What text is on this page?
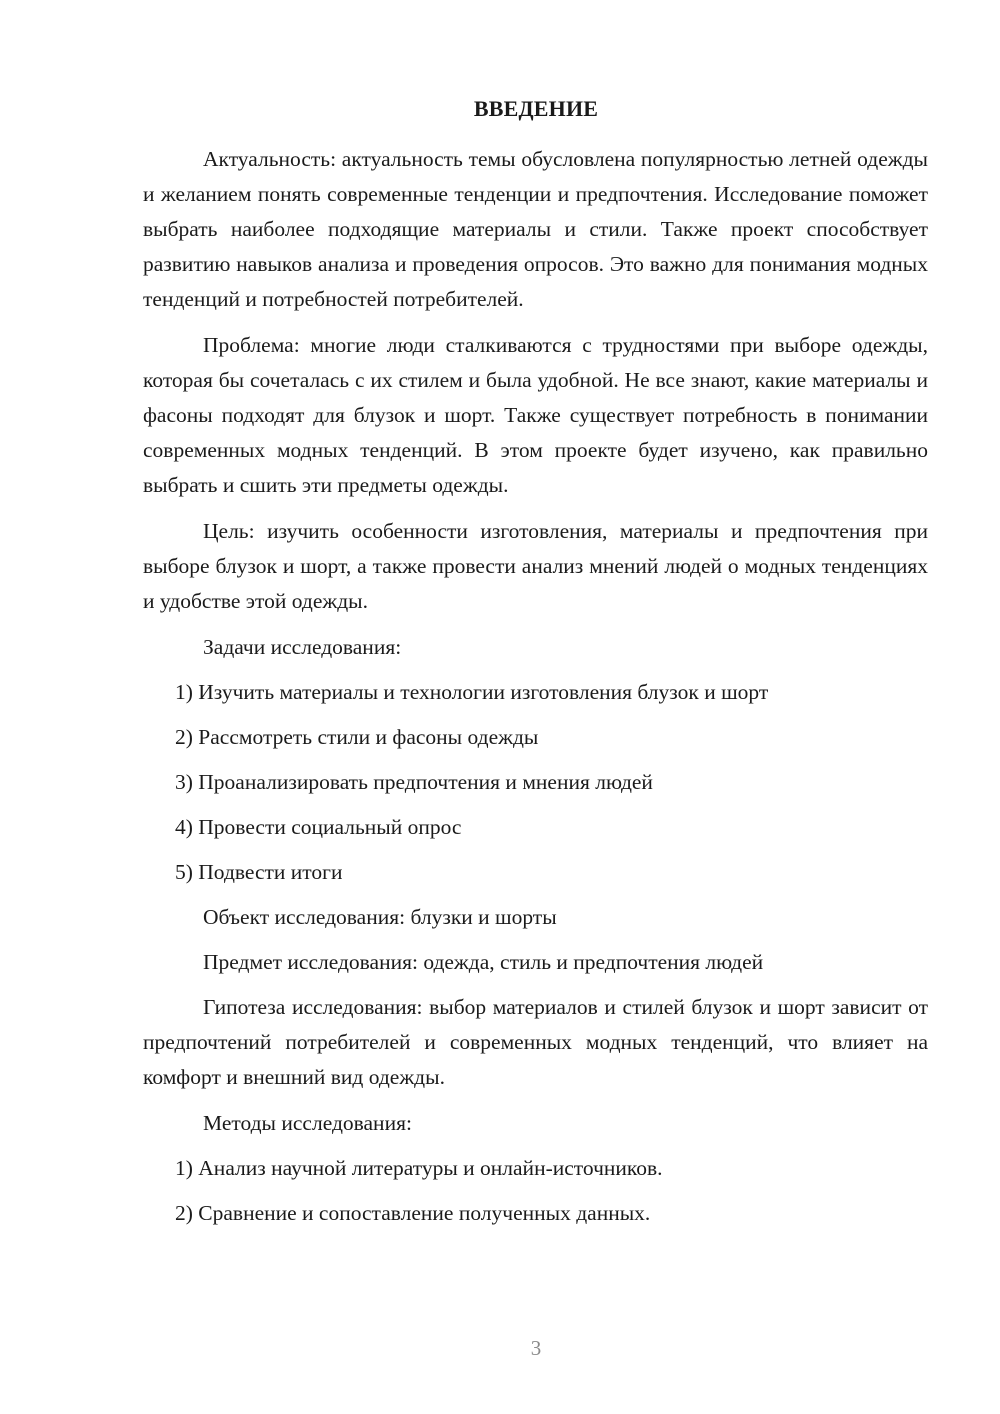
ВВЕДЕНИЕ

Актуальность: актуальность темы обусловлена популярностью летней одежды и желанием понять современные тенденции и предпочтения. Исследование поможет выбрать наиболее подходящие материалы и стили. Также проект способствует развитию навыков анализа и проведения опросов. Это важно для понимания модных тенденций и потребностей потребителей.

Проблема: многие люди сталкиваются с трудностями при выборе одежды, которая бы сочеталась с их стилем и была удобной. Не все знают, какие материалы и фасоны подходят для блузок и шорт. Также существует потребность в понимании современных модных тенденций. В этом проекте будет изучено, как правильно выбрать и сшить эти предметы одежды.

Цель: изучить особенности изготовления, материалы и предпочтения при выборе блузок и шорт, а также провести анализ мнений людей о модных тенденциях и удобстве этой одежды.

Задачи исследования:
1) Изучить материалы и технологии изготовления блузок и шорт
2) Рассмотреть стили и фасоны одежды
3) Проанализировать предпочтения и мнения людей
4) Провести социальный опрос
5) Подвести итоги
Объект исследования: блузки и шорты
Предмет исследования: одежда, стиль и предпочтения людей

Гипотеза исследования: выбор материалов и стилей блузок и шорт зависит от предпочтений потребителей и современных модных тенденций, что влияет на комфорт и внешний вид одежды.

Методы исследования:
1) Анализ научной литературы и онлайн-источников.
2) Сравнение и сопоставление полученных данных.
3
